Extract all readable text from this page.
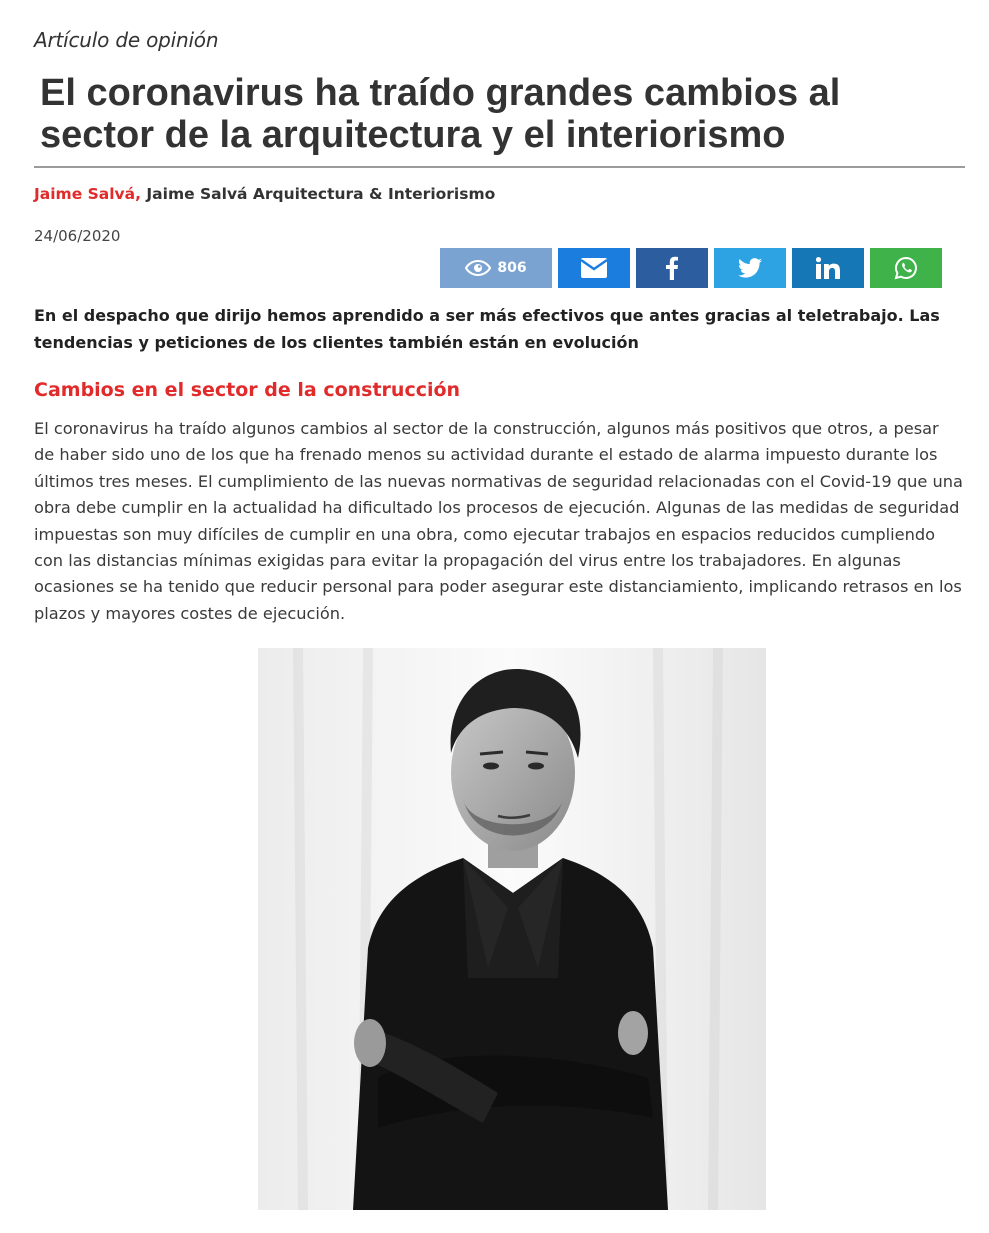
Artículo de opinión
El coronavirus ha traído grandes cambios al sector de la arquitectura y el interiorismo
Jaime Salvá, Jaime Salvá Arquitectura & Interiorismo
24/06/2020
806

En el despacho que dirijo hemos aprendido a ser más efectivos que antes gracias al teletrabajo. Las tendencias y peticiones de los clientes también están en evolución

Cambios en el sector de la construcción

El coronavirus ha traído algunos cambios al sector de la construcción, algunos más positivos que otros, a pesar de haber sido uno de los que ha frenado menos su actividad durante el estado de alarma impuesto durante los últimos tres meses. El cumplimiento de las nuevas normativas de seguridad relacionadas con el Covid-19 que una obra debe cumplir en la actualidad ha dificultado los procesos de ejecución. Algunas de las medidas de seguridad impuestas son muy difíciles de cumplir en una obra, como ejecutar trabajos en espacios reducidos cumpliendo con las distancias mínimas exigidas para evitar la propagación del virus entre los trabajadores. En algunas ocasiones se ha tenido que reducir personal para poder asegurar este distanciamiento, implicando retrasos en los plazos y mayores costes de ejecución.
